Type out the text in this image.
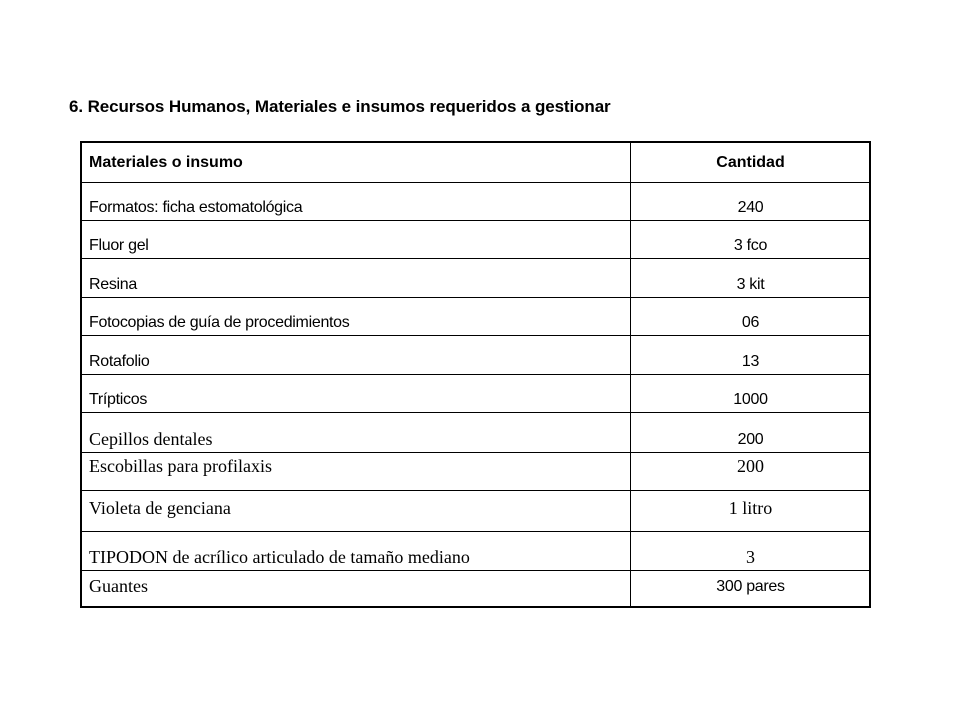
6. Recursos Humanos, Materiales e insumos requeridos a gestionar
Materiales o insumo	Cantidad
Formatos: ficha estomatológica	240
Fluor gel	3 fco
Resina	3 kit
Fotocopias de guía de procedimientos	06
Rotafolio	13
Trípticos	1000
Cepillos dentales	200
Escobillas para profilaxis	200
Violeta de genciana	1 litro
TIPODON de acrílico articulado de tamaño mediano	3
Guantes	300 pares
